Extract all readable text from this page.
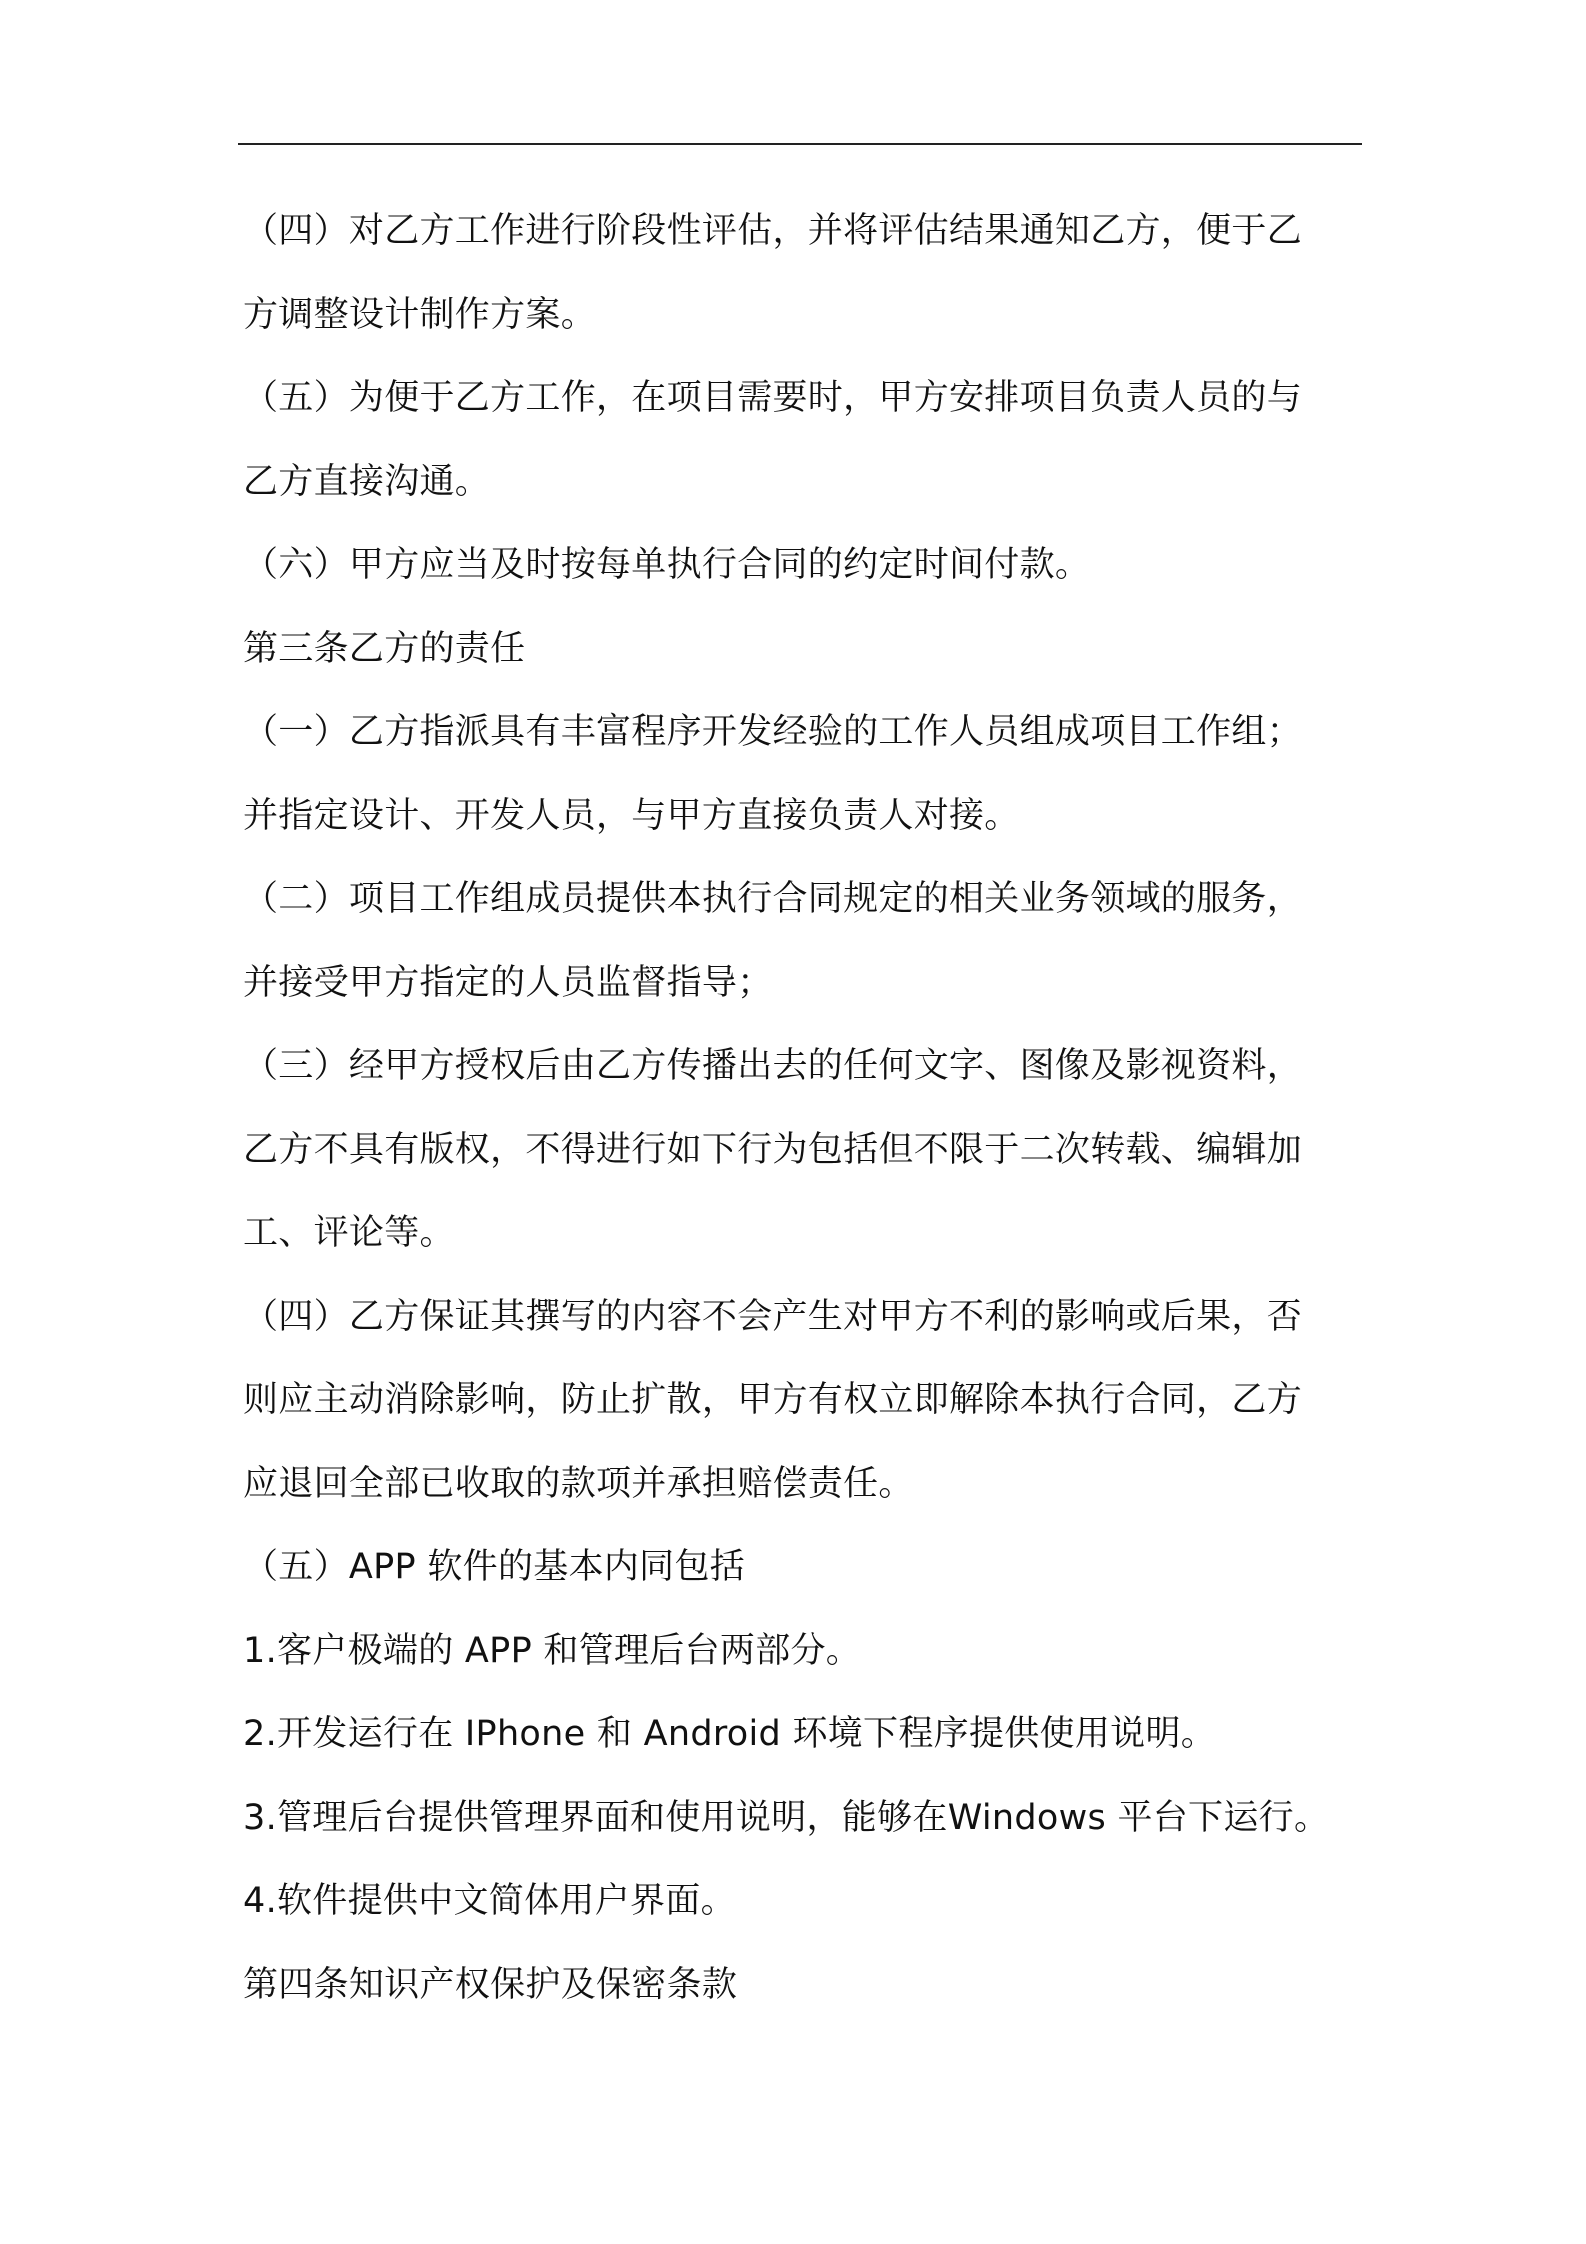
（四）对乙方工作进行阶段性评估，并将评估结果通知乙方，便于乙
方调整设计制作方案。
（五）为便于乙方工作，在项目需要时，甲方安排项目负责人员的与
乙方直接沟通。
（六）甲方应当及时按每单执行合同的约定时间付款。
第三条乙方的责任
（一）乙方指派具有丰富程序开发经验的工作人员组成项目工作组；
并指定设计、开发人员，与甲方直接负责人对接。
（二）项目工作组成员提供本执行合同规定的相关业务领域的服务，
并接受甲方指定的人员监督指导；
（三）经甲方授权后由乙方传播出去的任何文字、图像及影视资料，
乙方不具有版权，不得进行如下行为包括但不限于二次转载、编辑加
工、评论等。
（四）乙方保证其撰写的内容不会产生对甲方不利的影响或后果，否
则应主动消除影响，防止扩散，甲方有权立即解除本执行合同，乙方
应退回全部已收取的款项并承担赔偿责任。
（五）APP 软件的基本内同包括
1.客户极端的 APP 和管理后台两部分。
2.开发运行在 IPhone 和 Android 环境下程序提供使用说明。
3.管理后台提供管理界面和使用说明，能够在Windows 平台下运行。
4.软件提供中文简体用户界面。
第四条知识产权保护及保密条款
